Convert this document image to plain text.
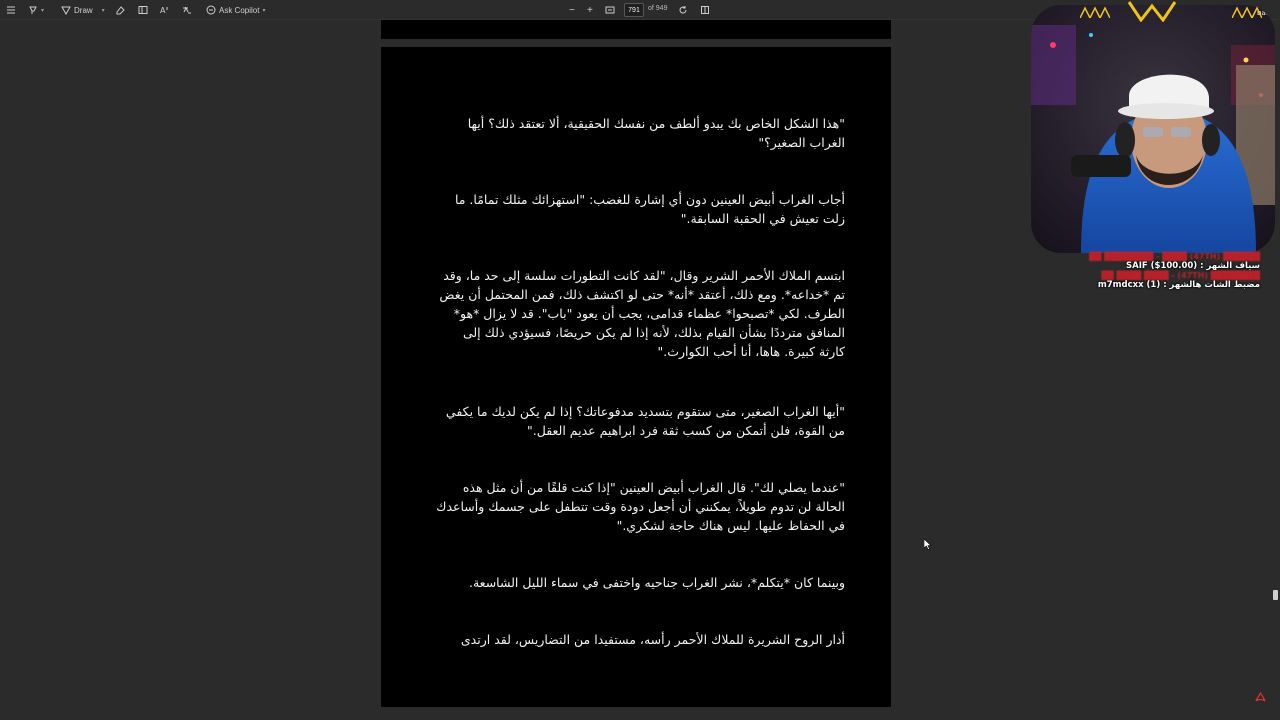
▾	Draw ▾	A	Ask Copilot ▾	− +	791	of 949

"هذا الشكل الخاص بك يبدو ألطف من نفسك الحقيقية، ألا تعتقد ذلك؟ أيها
الغراب الصغير؟"

أجاب الغراب أبيض العينين دون أي إشارة للغضب: "استهزائك مثلك تمامًا. ما
زلت تعيش في الحقبة السابقة."

ابتسم الملاك الأحمر الشرير وقال، "لقد كانت التطورات سلسة إلى حد ما، وقد
تم *خداعه*. ومع ذلك، أعتقد *أنه* حتى لو اكتشف ذلك، فمن المحتمل أن يغض
الطرف. لكي *تصبحوا* عظماء قدامى، يجب أن يعود "باب". قد لا يزال *هو*
المنافق مترددًا بشأن القيام بذلك، لأنه إذا لم يكن حريصًا، فسيؤدي ذلك إلى
كارثة كبيرة. هاها، أنا أحب الكوارث."

"أيها الغراب الصغير، متى ستقوم بتسديد مدفوعاتك؟ إذا لم يكن لديك ما يكفي
من القوة، فلن أتمكن من كسب ثقة فرد ابراهيم عديم العقل."

"عندما يصلي لك". قال الغراب أبيض العينين "إذا كنت قلقًا من أن مثل هذه
الحالة لن تدوم طويلاً، يمكنني أن أجعل دودة وقت تتطفل على جسمك وأساعدك
في الحفاظ عليها. ليس هناك حاجة لشكري."

وبينما كان *يتكلم*، نشر الغراب جناحيه واختفى في سماء الليل الشاسعة.

أدار الروح الشريرة للملاك الأحمر رأسه، مستفيدا من التضاريس، لقد ارتدى

bat
██████ (47TH) ████ - ████████ ██
سياف الشهر : SAIF ($100.00)
████████ (47TH) - ████ ████ ██
مضبط الشات هالشهر : m7mdcxx (1)
